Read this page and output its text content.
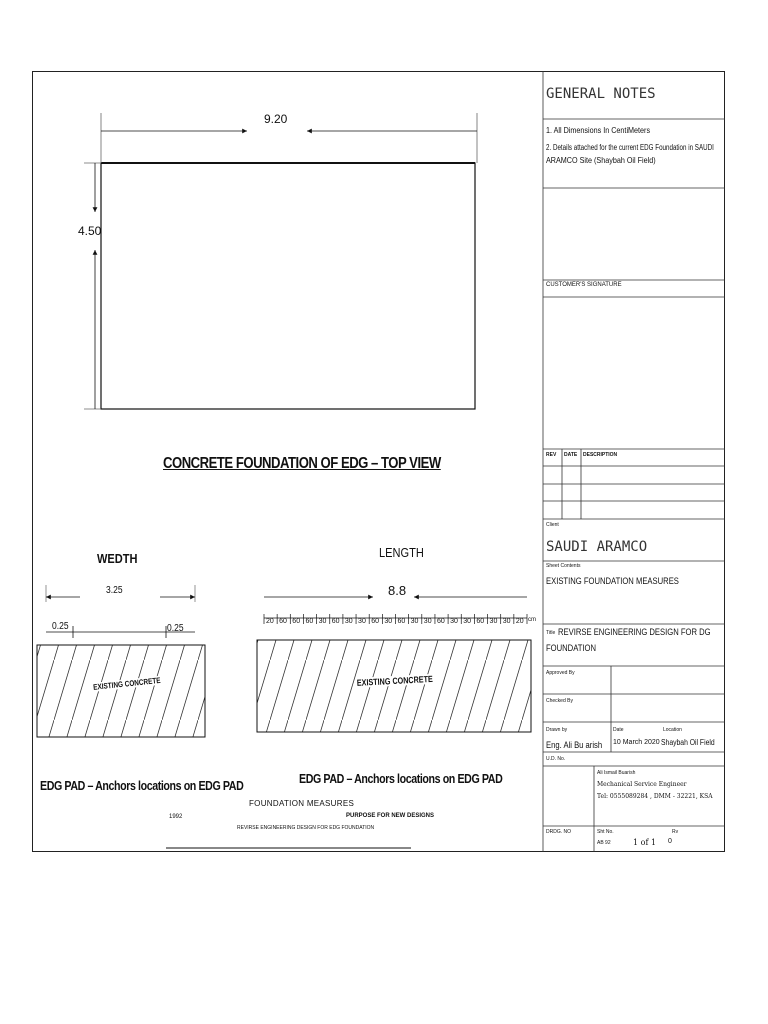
9.20
4.50
CONCRETE FOUNDATION OF EDG – TOP VIEW
WEDTH
3.25
0.25	0.25
EXISTING CONCRETE
EDG PAD – Anchors locations on EDG PAD
LENGTH
8.8
20 60 60 60 30 60 30 30 60 30 60 30 30 60 30 30 60 30 30 20 cm
EXISTING CONCRETE
EDG PAD – Anchors locations on EDG PAD
FOUNDATION MEASURES
1992	PURPOSE FOR NEW DESIGNS
REVIRSE ENGINEERING DESIGN FOR EDG FOUNDATION
GENERAL NOTES
1. All Dimensions In CentiMeters
2. Details attached for the current EDG Foundation in SAUDI
ARAMCO Site (Shaybah Oil Field)
CUSTOMER'S SIGNATURE
REV DATE DESCRIPTION
Client
SAUDI ARAMCO
Sheet Contents
EXISTING FOUNDATION MEASURES
Title REVIRSE ENGINEERING DESIGN FOR DG
FOUNDATION
Approved By
Checked By
Drawn by
Eng. Ali Bu arish
Date
10 March 2020
Location
Shaybah Oil Field
U.D. No.
Ali Ismail Buarish
Mechanical Service Engineer
Tel: 0555089284 , DMM - 32221, KSA
DRDG. NO	Sht No.
AB 92	1 of 1
Rv
0
